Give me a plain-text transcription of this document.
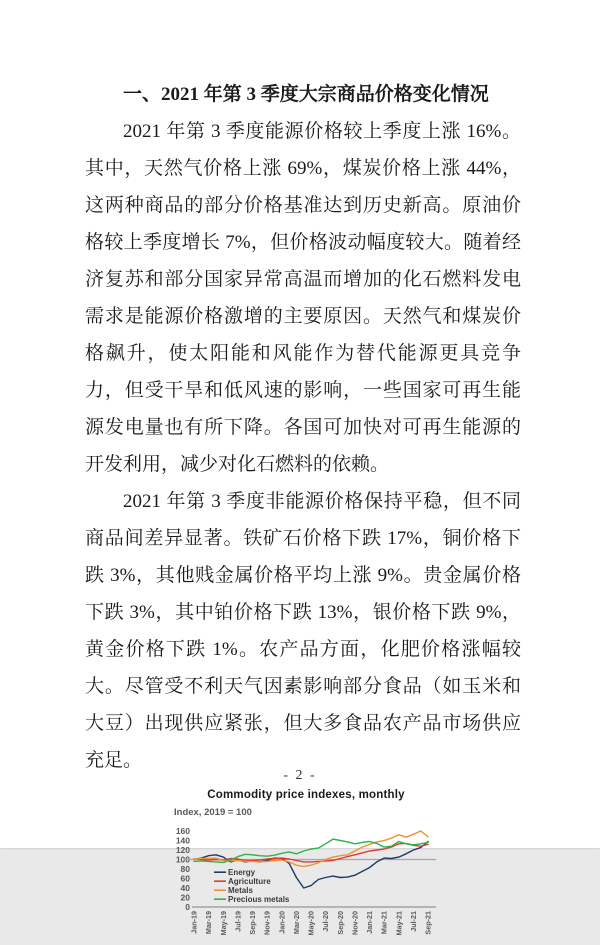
一、2021 年第 3 季度大宗商品价格变化情况

2021 年第 3 季度能源价格较上季度上涨 16%。其中，天然气价格上涨 69%，煤炭价格上涨 44%，这两种商品的部分价格基准达到历史新高。原油价格较上季度增长 7%，但价格波动幅度较大。随着经济复苏和部分国家异常高温而增加的化石燃料发电需求是能源价格激增的主要原因。天然气和煤炭价格飙升，使太阳能和风能作为替代能源更具竞争力，但受干旱和低风速的影响，一些国家可再生能源发电量也有所下降。各国可加快对可再生能源的开发利用，减少对化石燃料的依赖。

2021 年第 3 季度非能源价格保持平稳，但不同商品间差异显著。铁矿石价格下跌 17%，铜价格下跌 3%，其他贱金属价格平均上涨 9%。贵金属价格下跌 3%，其中铂价格下跌 13%，银价格下跌 9%，黄金价格下跌 1%。农产品方面，化肥价格涨幅较大。尽管受不利天气因素影响部分食品（如玉米和大豆）出现供应紧张，但大多食品农产品市场供应充足。

Commodity price indexes, monthly
Index, 2019 = 100
160
140
120
100
80
60
40
20
0
Jan-19 Mar-19 May-19 Jul-19 Sep-19 Nov-19 Jan-20 Mar-20 May-20 Jul-20 Sep-20 Nov-20 Jan-21 Mar-21 May-21 Jul-21 Sep-21
Energy
Agriculture
Metals
Precious metals
- 2 -
